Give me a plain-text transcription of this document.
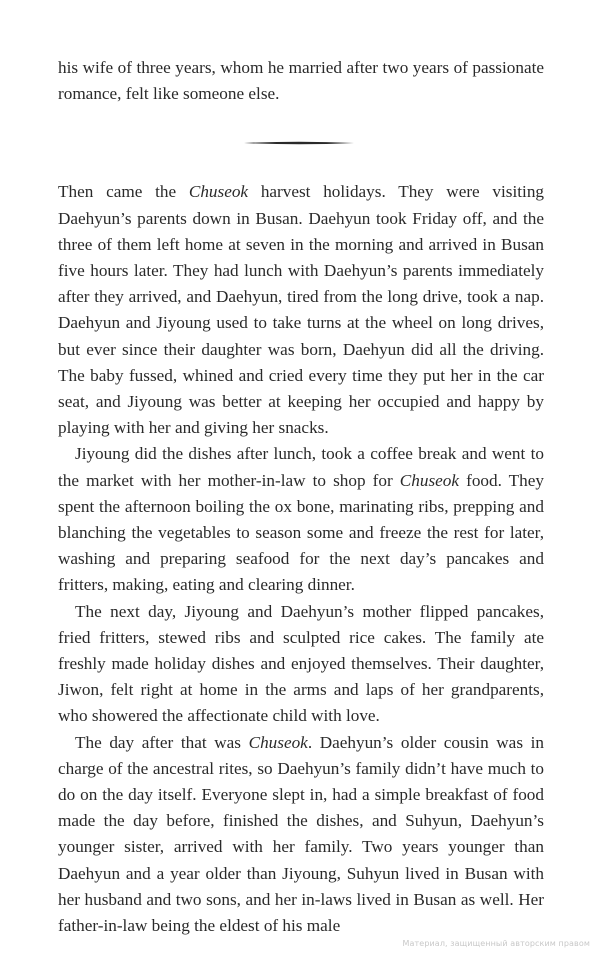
his wife of three years, whom he married after two years of passionate romance, felt like someone else.

Then came the Chuseok harvest holidays. They were visiting Daehyun’s parents down in Busan. Daehyun took Friday off, and the three of them left home at seven in the morning and arrived in Busan five hours later. They had lunch with Daehyun’s parents immediately after they arrived, and Daehyun, tired from the long drive, took a nap. Daehyun and Jiyoung used to take turns at the wheel on long drives, but ever since their daughter was born, Daehyun did all the driving. The baby fussed, whined and cried every time they put her in the car seat, and Jiyoung was better at keeping her occupied and happy by playing with her and giving her snacks.

Jiyoung did the dishes after lunch, took a coffee break and went to the market with her mother-in-law to shop for Chuseok food. They spent the afternoon boiling the ox bone, marinating ribs, prepping and blanching the vegetables to season some and freeze the rest for later, washing and preparing seafood for the next day’s pancakes and fritters, making, eating and clearing dinner.

The next day, Jiyoung and Daehyun’s mother flipped pancakes, fried fritters, stewed ribs and sculpted rice cakes. The family ate freshly made holiday dishes and enjoyed themselves. Their daughter, Jiwon, felt right at home in the arms and laps of her grandparents, who showered the affectionate child with love.

The day after that was Chuseok. Daehyun’s older cousin was in charge of the ancestral rites, so Daehyun’s family didn’t have much to do on the day itself. Everyone slept in, had a simple breakfast of food made the day before, finished the dishes, and Suhyun, Daehyun’s younger sister, arrived with her family. Two years younger than Daehyun and a year older than Jiyoung, Suhyun lived in Busan with her husband and two sons, and her in-laws lived in Busan as well. Her father-in-law being the eldest of his male

Материал, защищенный авторским правом
